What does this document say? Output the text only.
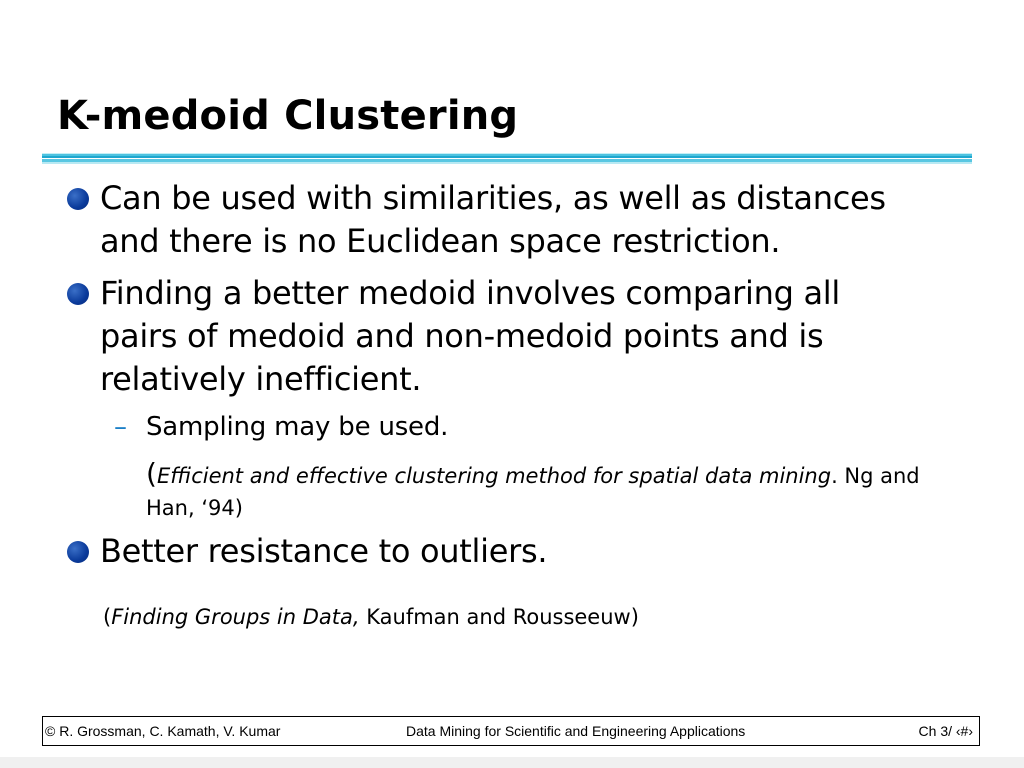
K-medoid Clustering
Can be used with similarities, as well as distances
and there is no Euclidean space restriction.
Finding a better medoid involves comparing all
pairs of medoid and non-medoid points and is
relatively inefficient.
– Sampling may be used.
(Efficient and effective clustering method for spatial data mining. Ng and
Han, ‘94)
Better resistance to outliers.
(Finding Groups in Data, Kaufman and Rousseeuw)
© R. Grossman, C. Kamath, V. Kumar	Data Mining for Scientific and Engineering Applications	Ch 3/ ‹#›
